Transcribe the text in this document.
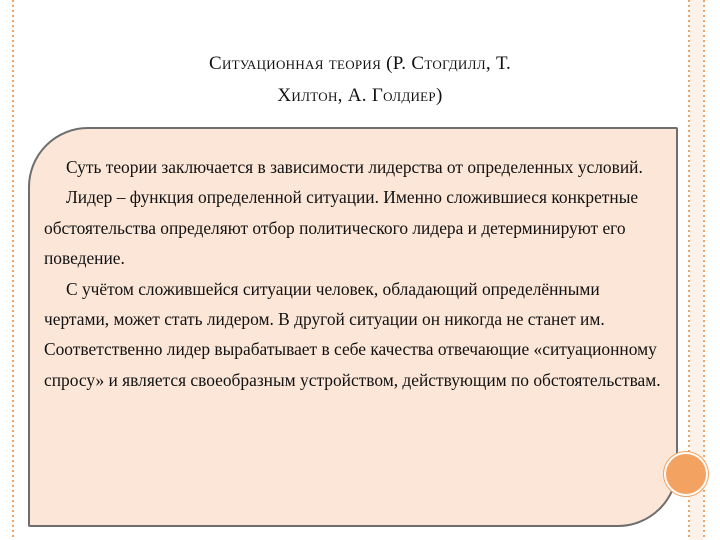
Ситуационная теория (Р. Стогдилл, Т.
Хилтон, А. Голдиер)

Суть теории заключается в зависимости лидерства от определенных условий.

Лидер – функция определенной ситуации. Именно сложившиеся конкретные обстоятельства определяют отбор политического лидера и детерминируют его поведение.

С учётом сложившейся ситуации человек, обладающий определёнными чертами, может стать лидером. В другой ситуации он никогда не станет им. Соответственно лидер вырабатывает в себе качества отвечающие «ситуационному спросу» и является своеобразным устройством, действующим по обстоятельствам.
